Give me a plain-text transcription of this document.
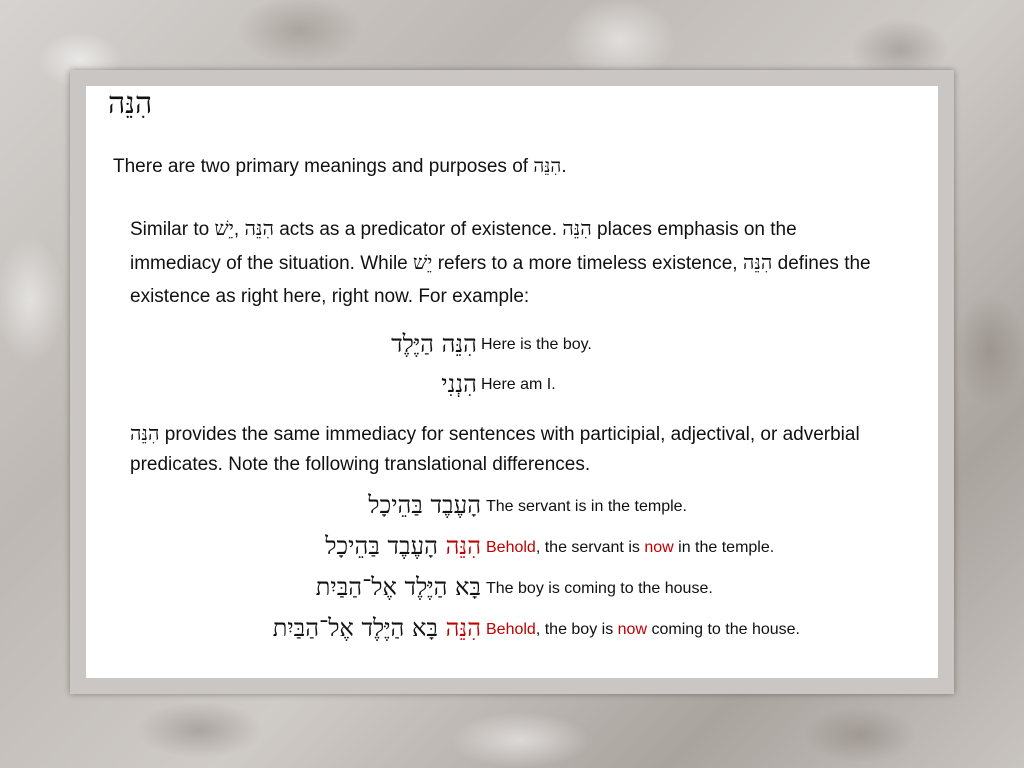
הִנֵּה
There are two primary meanings and purposes of הִנֵּה.
Similar to יֵשׁ, הִנֵּה acts as a predicator of existence. הִנֵּה places emphasis on the immediacy of the situation. While יֵשׁ refers to a more timeless existence, הִנֵּה defines the existence as right here, right now. For example:
הִנֵּה הַיֶּלֶד Here is the boy.
הִנְנִי Here am I.
הִנֵּה provides the same immediacy for sentences with participial, adjectival, or adverbial predicates. Note the following translational differences.
הָעֶבֶד בַּהֵיכָל The servant is in the temple.
הִנֵּה הָעֶבֶד בַּהֵיכָל	Behold, the servant is now in the temple.
בָּא הַיֶּלֶד אֶל־הַבַּיִת The boy is coming to the house.
הִנֵּה בָּא הַיֶּלֶד אֶל־הַבַּיִת	Behold, the boy is now coming to the house.
